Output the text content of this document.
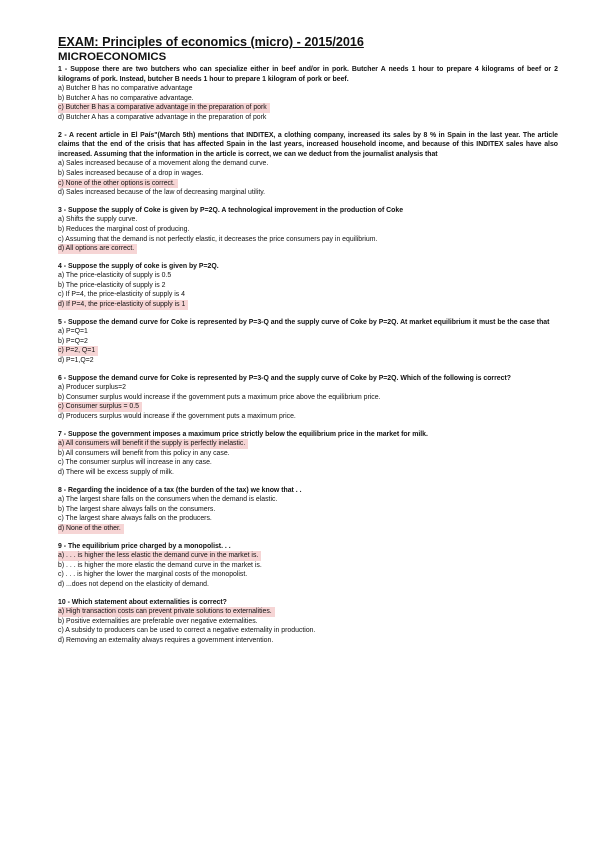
EXAM: Principles of economics (micro) - 2015/2016
MICROECONOMICS

1 - Suppose there are two butchers who can specialize either in beef and/or in pork. Butcher A needs 1 hour to prepare 4 kilograms of beef or 2 kilograms of pork. Instead, butcher B needs 1 hour to prepare 1 kilogram of pork or beef.

a) Butcher B has no comparative advantage
b) Butcher A has no comparative advantage.
c) Butcher B has a comparative advantage in the preparation of pork
d) Butcher A has a comparative advantage in the preparation of pork

2 - A recent article in El País"(March 5th) mentions that INDITEX, a clothing company, increased its sales by 8 % in Spain in the last year. The article claims that the end of the crisis that has affected Spain in the last years, increased household income, and because of this INDITEX sales have also increased. Assuming that the information in the article is correct, we can we deduct from the journalist analysis that

a) Sales increased because of a movement along the demand curve.
b) Sales increased because of a drop in wages.
c) None of the other options is correct.
d) Sales increased because of the law of decreasing marginal utility.

3 - Suppose the supply of Coke is given by P=2Q. A technological improvement in the production of Coke

a) Shifts the supply curve.
b) Reduces the marginal cost of producing.
c) Assuming that the demand is not perfectly elastic, it decreases the price consumers pay in equilibrium.
d) All options are correct.

4 - Suppose the supply of coke is given by P=2Q.

a) The price-elasticity of supply is 0.5
b) The price-elasticity of supply is 2
c) If P=4, the price-elasticity of supply is 4
d) If P=4, the price-elasticity of supply is 1

5 - Suppose the demand curve for Coke is represented by P=3-Q and the supply curve of Coke by P=2Q. At market equilibrium it must be the case that

a) P=Q=1
b) P=Q=2
c) P=2, Q=1
d) P=1,Q=2

6 - Suppose the demand curve for Coke is represented by P=3-Q and the supply curve of Coke by P=2Q. Which of the following is correct?

a) Producer surplus=2
b) Consumer surplus would increase if the government puts a maximum price above the equilibrium price.
c) Consumer surplus = 0.5
d) Producers surplus would increase if the government puts a maximum price.

7 - Suppose the government imposes a maximum price strictly below the equilibrium price in the market for milk.

a) All consumers will benefit if the supply is perfectly inelastic.
b) All consumers will benefit from this policy in any case.
c) The consumer surplus will increase in any case.
d) There will be excess supply of milk.

8 - Regarding the incidence of a tax (the burden of the tax) we know that . .

a) The largest share falls on the consumers when the demand is elastic.
b) The largest share always falls on the consumers.
c) The largest share always falls on the producers.
d) None of the other.

9 - The equilibrium price charged by a monopolist. . .

a) . . . is higher the less elastic the demand curve in the market is.
b) . . . is higher the more elastic the demand curve in the market is.
c) . . . is higher the lower the marginal costs of the monopolist.
d) ...does not depend on the elasticity of demand.

10 - Which statement about externalities is correct?

a) High transaction costs can prevent private solutions to externalities.
b) Positive externalities are preferable over negative externalities.
c) A subsidy to producers can be used to correct a negative externality in production.
d) Removing an externality always requires a government intervention.
